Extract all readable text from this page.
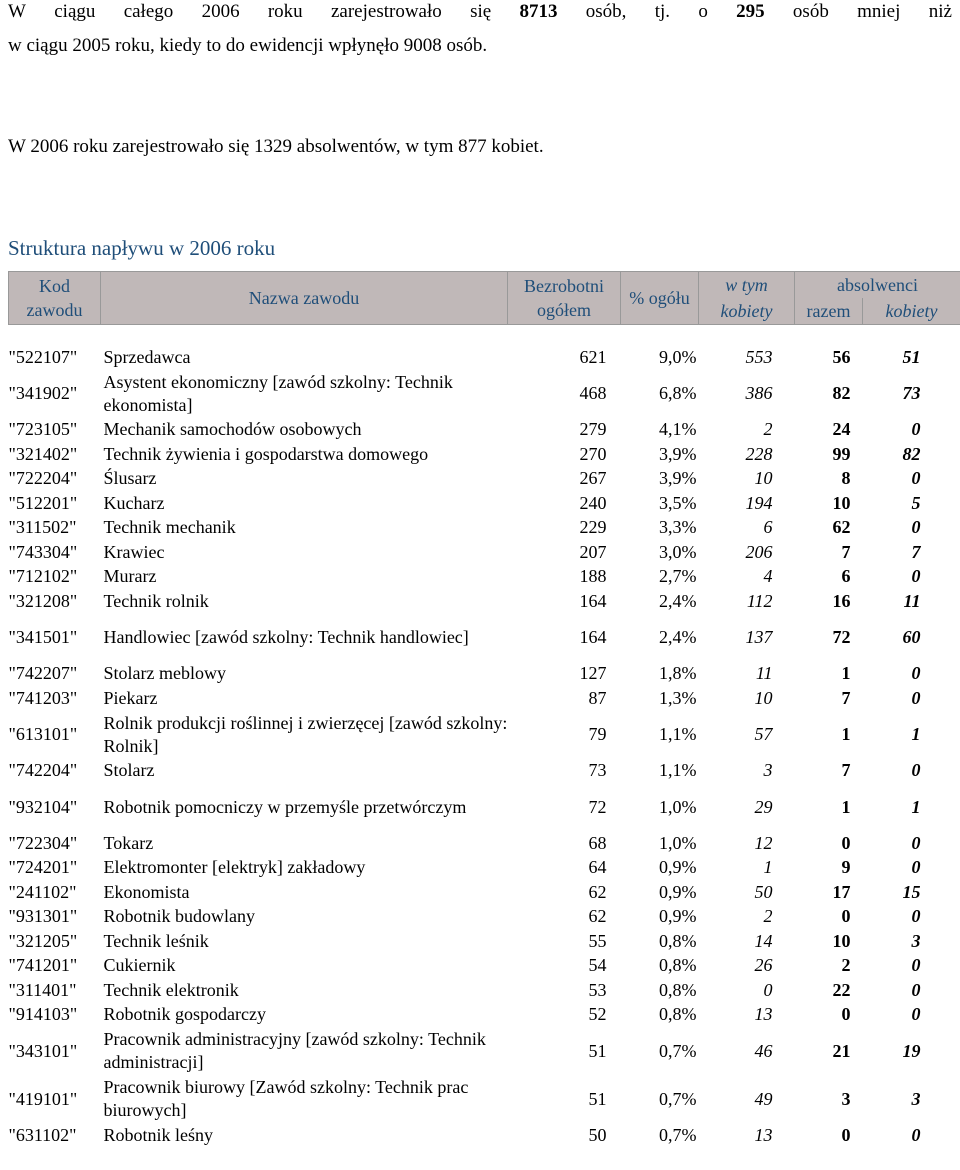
W ciągu całego 2006 roku zarejestrowało się 8713 osób, tj. o 295 osób mniej niż
w ciągu 2005 roku, kiedy to do ewidencji wpłynęło 9008 osób.
W 2006 roku zarejestrowało się 1329 absolwentów, w tym 877 kobiet.
Struktura napływu w 2006 roku
Kod zawodu	Nazwa zawodu	Bezrobotni ogółem	% ogółu	w tym	absolwenci	
				kobiety	razem	kobiety

"522107"	Sprzedawca	621	9,0%	553	56	51
"341902"	Asystent ekonomiczny [zawód szkolny: Technik ekonomista]	468	6,8%	386	82	73
"723105"	Mechanik samochodów osobowych	279	4,1%	2	24	0
"321402"	Technik żywienia i gospodarstwa domowego	270	3,9%	228	99	82
"722204"	Ślusarz	267	3,9%	10	8	0
"512201"	Kucharz	240	3,5%	194	10	5
"311502"	Technik mechanik	229	3,3%	6	62	0
"743304"	Krawiec	207	3,0%	206	7	7
"712102"	Murarz	188	2,7%	4	6	0
"321208"	Technik rolnik	164	2,4%	112	16	11
"341501"	Handlowiec [zawód szkolny: Technik handlowiec]	164	2,4%	137	72	60
"742207"	Stolarz meblowy	127	1,8%	11	1	0
"741203"	Piekarz	87	1,3%	10	7	0
"613101"	Rolnik produkcji roślinnej i zwierzęcej [zawód szkolny: Rolnik]	79	1,1%	57	1	1
"742204"	Stolarz	73	1,1%	3	7	0
"932104"	Robotnik pomocniczy w przemyśle przetwórczym	72	1,0%	29	1	1
"722304"	Tokarz	68	1,0%	12	0	0
"724201"	Elektromonter [elektryk] zakładowy	64	0,9%	1	9	0
"241102"	Ekonomista	62	0,9%	50	17	15
"931301"	Robotnik budowlany	62	0,9%	2	0	0
"321205"	Technik leśnik	55	0,8%	14	10	3
"741201"	Cukiernik	54	0,8%	26	2	0
"311401"	Technik elektronik	53	0,8%	0	22	0
"914103"	Robotnik gospodarczy	52	0,8%	13	0	0
"343101"	Pracownik administracyjny [zawód szkolny: Technik administracji]	51	0,7%	46	21	19
"419101"	Pracownik biurowy [Zawód szkolny: Technik prac biurowych]	51	0,7%	49	3	3
"631102"	Robotnik leśny	50	0,7%	13	0	0
